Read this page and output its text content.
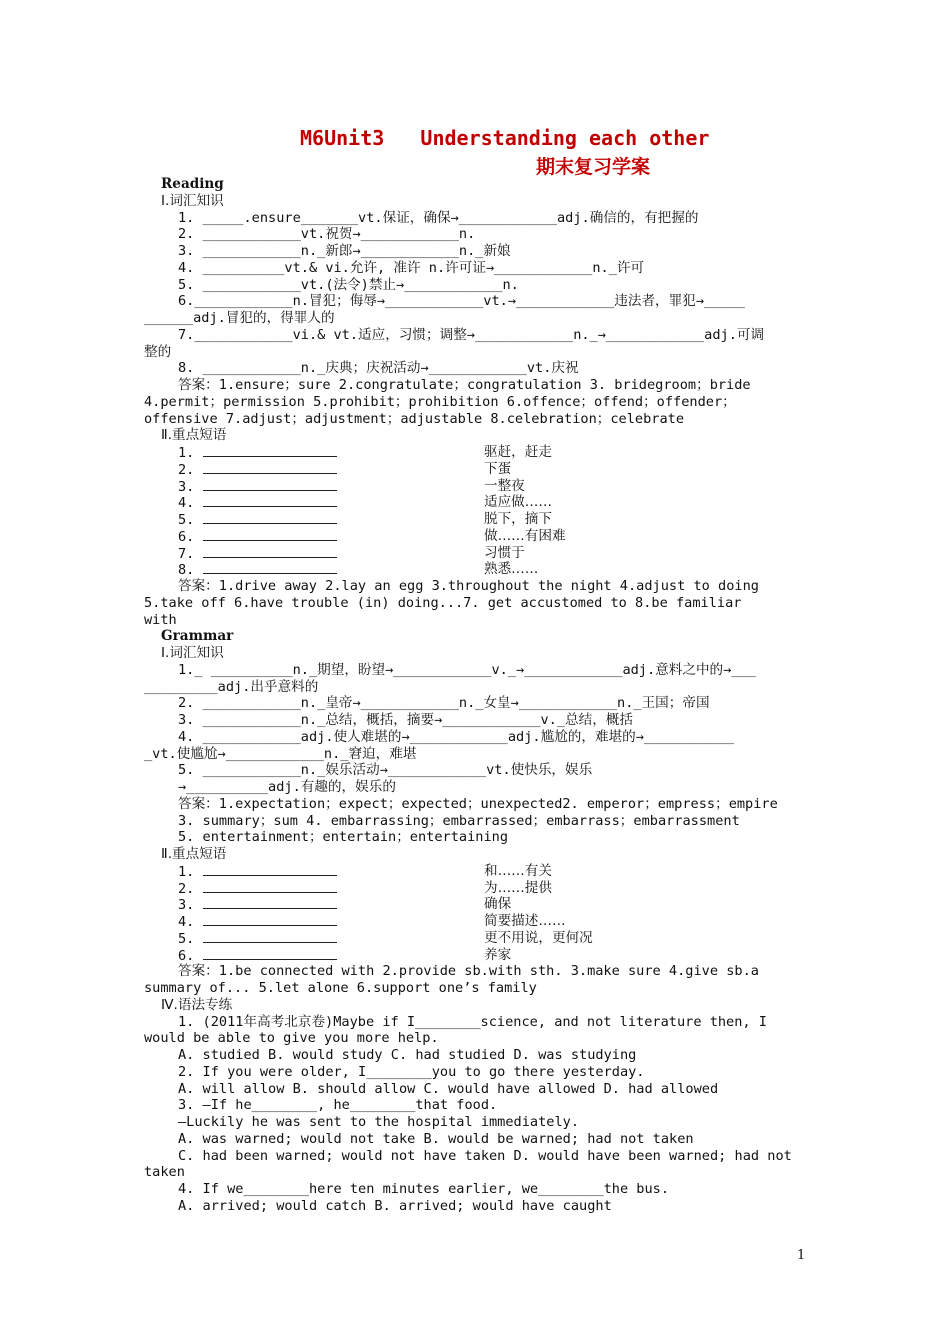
M6Unit3   Understanding each other
期末复习学案
Reading
Ⅰ.词汇知识
1. _____.ensure_______vt.保证，确保→____________adj.确信的，有把握的
2. ____________vt.祝贺→____________n.
3. ____________n._新郎→____________n._新娘
4. __________vt.& vi.允许, 准许 n.许可证→____________n._许可
5. ____________vt.(法令)禁止→____________n.
6.____________n.冒犯；侮辱→____________vt.→____________违法者，罪犯→_____
______adj.冒犯的，得罪人的
7.____________vi.& vt.适应，习惯；调整→____________n._→____________adj.可调
整的
8. ____________n._庆典；庆祝活动→____________vt.庆祝
答案：1.ensure；sure 2.congratulate；congratulation 3. bridegroom；bride
4.permit；permission 5.prohibit；prohibition 6.offence；offend；offender；
offensive 7.adjust；adjustment；adjustable 8.celebration；celebrate
Ⅱ.重点短语
1.	驱赶，赶走
2.	下蛋
3.	一整夜
4.	适应做……
5.	脱下，摘下
6.	做……有困难
7.	习惯于
8.	熟悉……
答案：1.drive away 2.lay an egg 3.throughout the night 4.adjust to doing
5.take off 6.have trouble (in) doing...7. get accustomed to 8.be familiar
with
Grammar
Ⅰ.词汇知识
1._ __________n._期望，盼望→____________v._→____________adj.意料之中的→___
_________adj.出乎意料的
2. ____________n._皇帝→____________n._女皇→____________n._王国；帝国
3. ____________n._总结，概括，摘要→____________v._总结，概括
4. ____________adj.使人难堪的→____________adj.尴尬的，难堪的→___________
_vt.使尴尬→____________n._窘迫，难堪
5. ____________n._娱乐活动→____________vt.使快乐，娱乐
→__________adj.有趣的，娱乐的
答案：1.expectation；expect；expected；unexpected2. emperor；empress；empire
3. summary；sum 4. embarrassing；embarrassed；embarrass；embarrassment
5. entertainment；entertain；entertaining
Ⅱ.重点短语
1.	和……有关
2.	为……提供
3.	确保
4.	简要描述……
5.	更不用说，更何况
6.	养家
答案：1.be connected with 2.provide sb.with sth. 3.make sure 4.give sb.a
summary of... 5.let alone 6.support one’s family
Ⅳ.语法专练
1. (2011年高考北京卷)Maybe if I________science, and not literature then, I
would be able to give you more help.
A. studied B. would study C. had studied D. was studying
2. If you were older, I________you to go there yesterday.
A. will allow B. should allow C. would have allowed D. had allowed
3. —If he________, he________that food.
—Luckily he was sent to the hospital immediately.
A. was warned; would not take B. would be warned; had not taken
C. had been warned; would not have taken D. would have been warned; had not
taken
4. If we________here ten minutes earlier, we________the bus.
A. arrived; would catch B. arrived; would have caught
1
